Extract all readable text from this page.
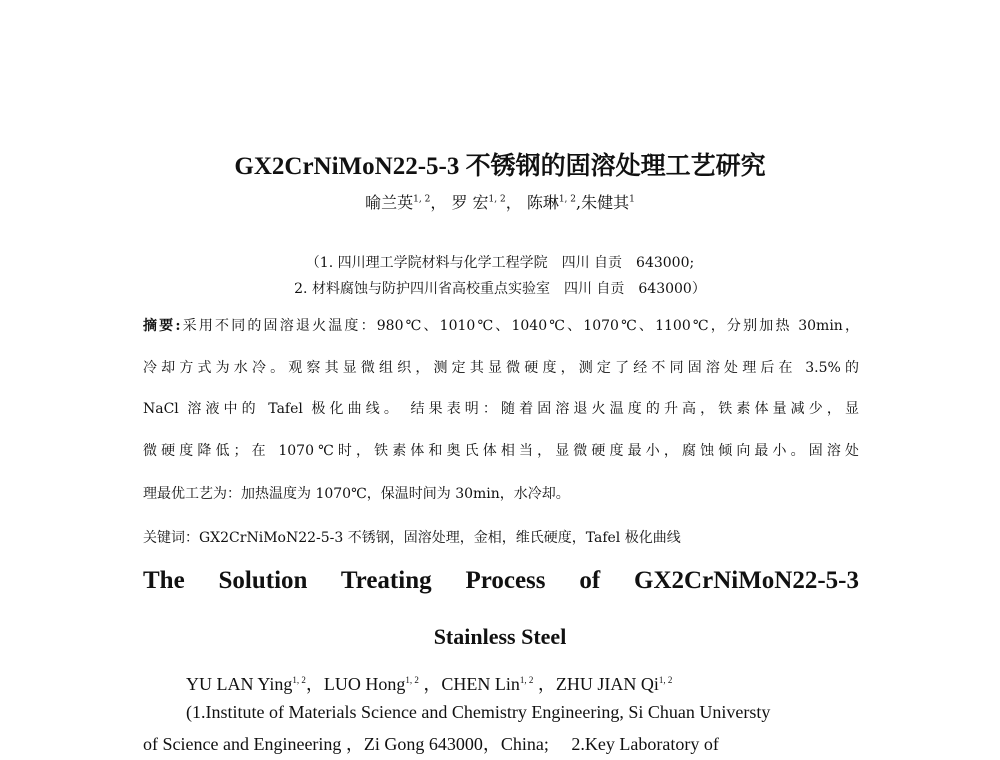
GX2CrNiMoN22-5-3 不锈钢的固溶处理工艺研究
喻兰英$^{1, 2}$， 罗 宏$^{1, 2}$， 陈琳$^{1, 2}$,朱健其$^1$
（1. 四川理工学院材料与化学工程学院　四川 自贡　643000;
2. 材料腐蚀与防护四川省高校重点实验室　四川 自贡　643000）
摘要:采用不同的固溶退火温度：980℃、1010℃、1040℃、1070℃、1100℃，分别加热 30min，
冷却方式为水冷。观察其显微组织，测定其显微硬度，测定了经不同固溶处理后在 3.5%的
NaCl 溶液中的 Tafel 极化曲线。 结果表明：随着固溶退火温度的升高，铁素体量减少，显
微硬度降低；在 1070℃时，铁素体和奥氏体相当，显微硬度最小，腐蚀倾向最小。固溶处
理最优工艺为：加热温度为 1070℃，保温时间为 30min，水冷却。
关键词：GX2CrNiMoN22-5-3 不锈钢，固溶处理，金相，维氏硬度，Tafel 极化曲线
The Solution Treating Process of GX2CrNiMoN22-5-3
Stainless Steel
YU LAN Ying$^{1, 2}$，LUO Hong$^{1, 2}$ ，CHEN Lin$^{1, 2}$ ，ZHU JIAN Qi$^{1, 2}$
(1.Institute of Materials Science and Chemistry Engineering, Si Chuan Universty
of Science and Engineering ，Zi Gong 643000，China;　 2.Key Laboratory of
